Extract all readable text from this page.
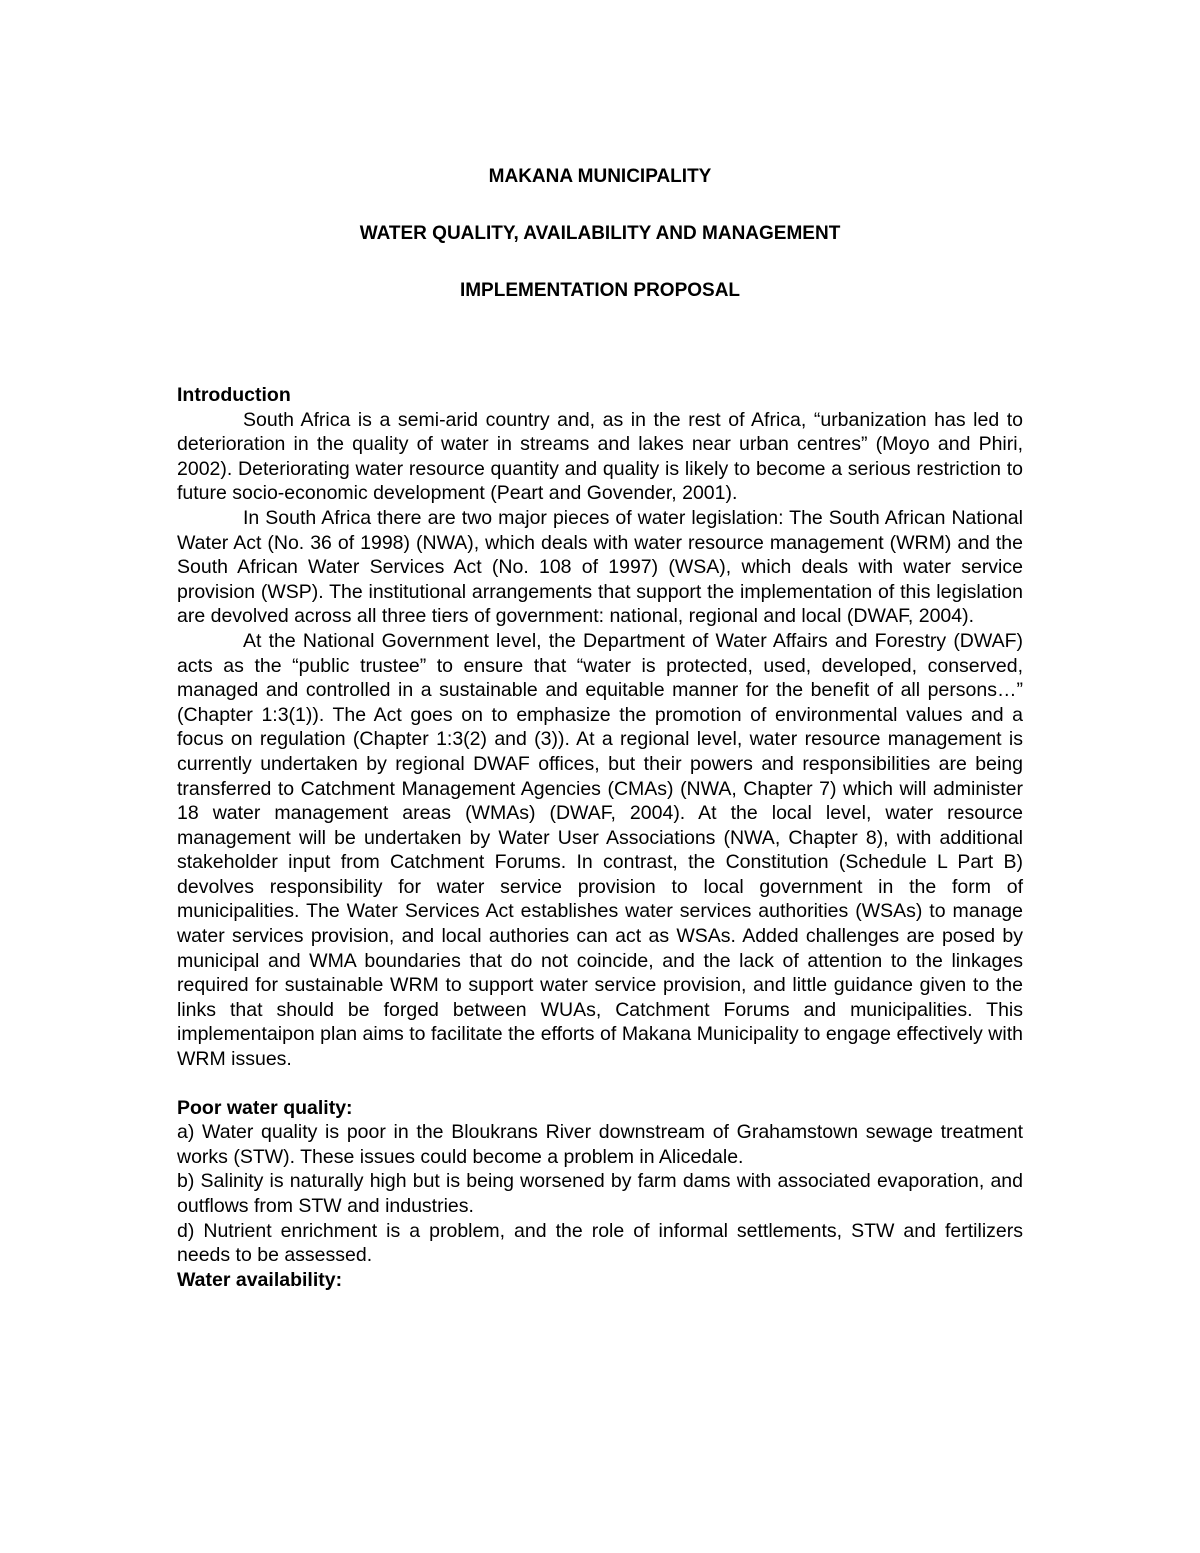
MAKANA MUNICIPALITY

WATER QUALITY, AVAILABILITY AND MANAGEMENT

IMPLEMENTATION PROPOSAL

Introduction

South Africa is a semi-arid country and, as in the rest of Africa, “urbanization has led to deterioration in the quality of water in streams and lakes near urban centres” (Moyo and Phiri, 2002). Deteriorating water resource quantity and quality is likely to become a serious restriction to future socio-economic development (Peart and Govender, 2001).

In South Africa there are two major pieces of water legislation: The South African National Water Act (No. 36 of 1998) (NWA), which deals with water resource management (WRM) and the South African Water Services Act (No. 108 of 1997) (WSA), which deals with water service provision (WSP). The institutional arrangements that support the implementation of this legislation are devolved across all three tiers of government: national, regional and local (DWAF, 2004).

At the National Government level, the Department of Water Affairs and Forestry (DWAF) acts as the “public trustee” to ensure that “water is protected, used, developed, conserved, managed and controlled in a sustainable and equitable manner for the benefit of all persons…” (Chapter 1:3(1)). The Act goes on to emphasize the promotion of environmental values and a focus on regulation (Chapter 1:3(2) and (3)). At a regional level, water resource management is currently undertaken by regional DWAF offices, but their powers and responsibilities are being transferred to Catchment Management Agencies (CMAs) (NWA, Chapter 7) which will administer 18 water management areas (WMAs) (DWAF, 2004). At the local level, water resource management will be undertaken by Water User Associations (NWA, Chapter 8), with additional stakeholder input from Catchment Forums. In contrast, the Constitution (Schedule L Part B) devolves responsibility for water service provision to local government in the form of municipalities. The Water Services Act establishes water services authorities (WSAs) to manage water services provision, and local authories can act as WSAs. Added challenges are posed by municipal and WMA boundaries that do not coincide, and the lack of attention to the linkages required for sustainable WRM to support water service provision, and little guidance given to the links that should be forged between WUAs, Catchment Forums and municipalities. This implementaipon plan aims to facilitate the efforts of Makana Municipality to engage effectively with WRM issues.

Poor water quality:

a) Water quality is poor in the Bloukrans River downstream of Grahamstown sewage treatment works (STW). These issues could become a problem in Alicedale.

b) Salinity is naturally high but is being worsened by farm dams with associated evaporation, and outflows from STW and industries.

d) Nutrient enrichment is a problem, and the role of informal settlements, STW and fertilizers needs to be assessed.

Water availability:
